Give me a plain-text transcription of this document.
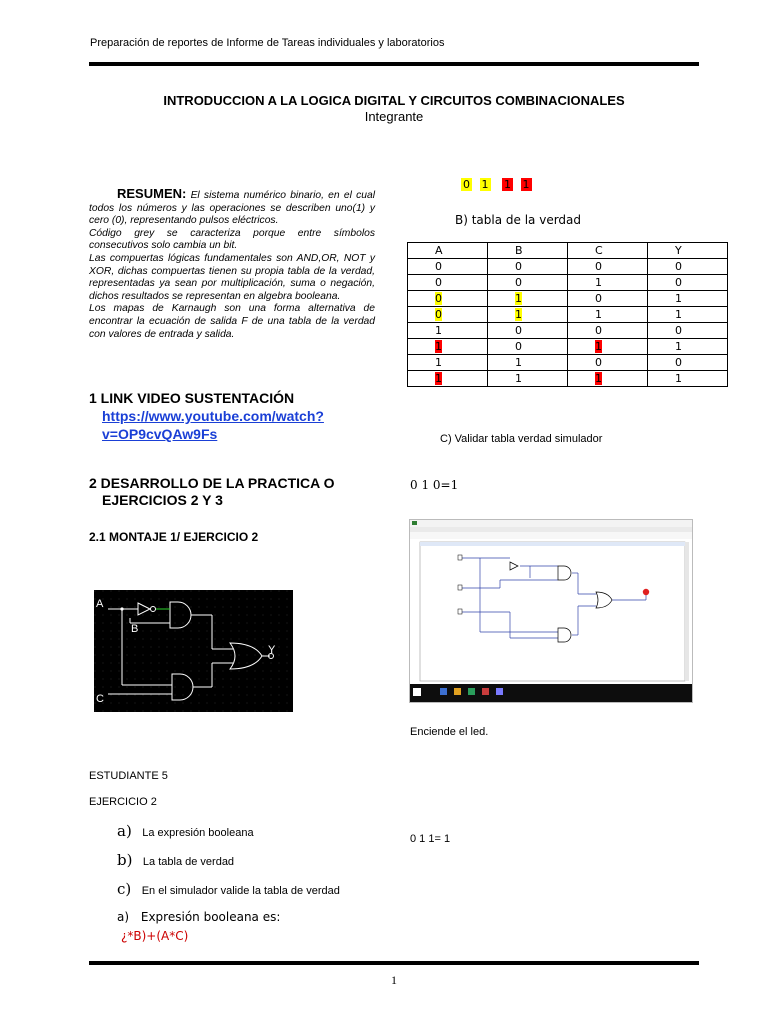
Preparación de reportes de Informe de Tareas individuales y laboratorios
INTRODUCCION A LA LOGICA DIGITAL Y CIRCUITOS COMBINACIONALES
Integrante

RESUMEN: El sistema numérico binario, en el cual todos los números y las operaciones se describen uno(1) y cero (0), representando pulsos eléctricos.

Código grey se caracteriza porque entre símbolos consecutivos solo cambia un bit.

Las compuertas lógicas fundamentales son AND,OR, NOT y XOR, dichas compuertas tienen su propia tabla de la verdad, representadas ya sean por multiplicación, suma o negación, dichos resultados se representan en algebra booleana.

Los mapas de Karnaugh son una forma alternativa de encontrar la ecuación de salida F de una tabla de la verdad con valores de entrada y salida.

1 LINK VIDEO SUSTENTACIÓN
https://www.youtube.com/watch?
v=OP9cvQAw9Fs
2 DESARROLLO DE LA PRACTICA O
EJERCICIOS 2 Y 3
2.1 MONTAJE 1/ EJERCICIO 2
A
B
C
Y
ESTUDIANTE 5
EJERCICIO 2
a) La expresión booleana
b) La tabla de verdad
c) En el simulador valide la tabla de verdad
a) Expresión booleana es:
¿*B)+(A*C)
0 1 1 1
B) tabla de la verdad
A	B	C	Y
0	0	0	0
0	0	1	0
0	1	0	1
0	1	1	1
1	0	0	0
1	0	1	1
1	1	0	0
1	1	1	1
C) Validar tabla verdad simulador
0 1 0=1
Enciende el led.
0 1 1= 1
1
